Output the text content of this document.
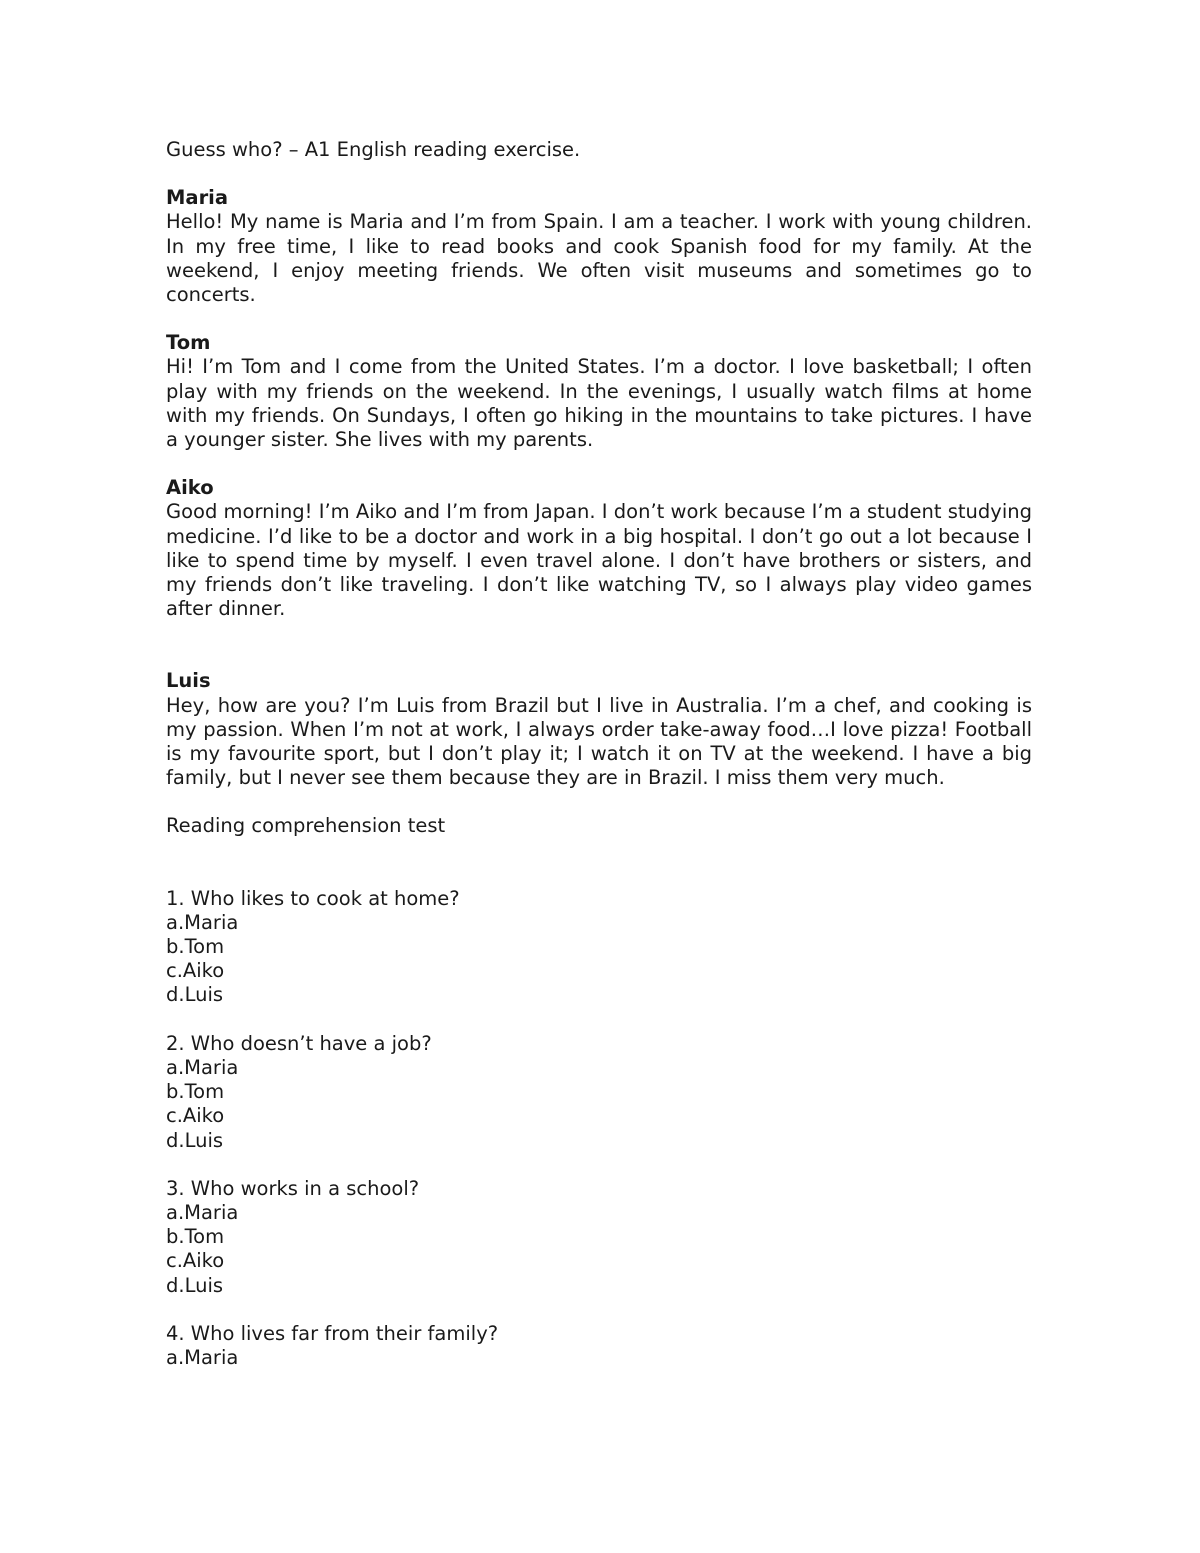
Guess who? – A1 English reading exercise.

Maria

Hello! My name is Maria and I’m from Spain. I am a teacher. I work with young children. In my free time, I like to read books and cook Spanish food for my family. At the weekend, I enjoy meeting friends. We often visit museums and sometimes go to concerts.

Tom

Hi! I’m Tom and I come from the United States. I’m a doctor. I love basketball; I often play with my friends on the weekend. In the evenings, I usually watch films at home with my friends. On Sundays, I often go hiking in the mountains to take pictures. I have a younger sister. She lives with my parents.

Aiko

Good morning! I’m Aiko and I’m from Japan. I don’t work because I’m a student studying medicine. I’d like to be a doctor and work in a big hospital. I don’t go out a lot because I like to spend time by myself. I even travel alone. I don’t have brothers or sisters, and my friends don’t like traveling. I don’t like watching TV, so I always play video games after dinner.

Luis

Hey, how are you? I’m Luis from Brazil but I live in Australia. I’m a chef, and cooking is my passion. When I’m not at work, I always order take-away food…I love pizza! Football is my favourite sport, but I don’t play it; I watch it on TV at the weekend. I have a big family, but I never see them because they are in Brazil. I miss them very much.

Reading comprehension test

1. Who likes to cook at home?

a.Maria

b.Tom

c.Aiko

d.Luis

2. Who doesn’t have a job?

a.Maria

b.Tom

c.Aiko

d.Luis

3. Who works in a school?

a.Maria

b.Tom

c.Aiko

d.Luis

4. Who lives far from their family?

a.Maria
